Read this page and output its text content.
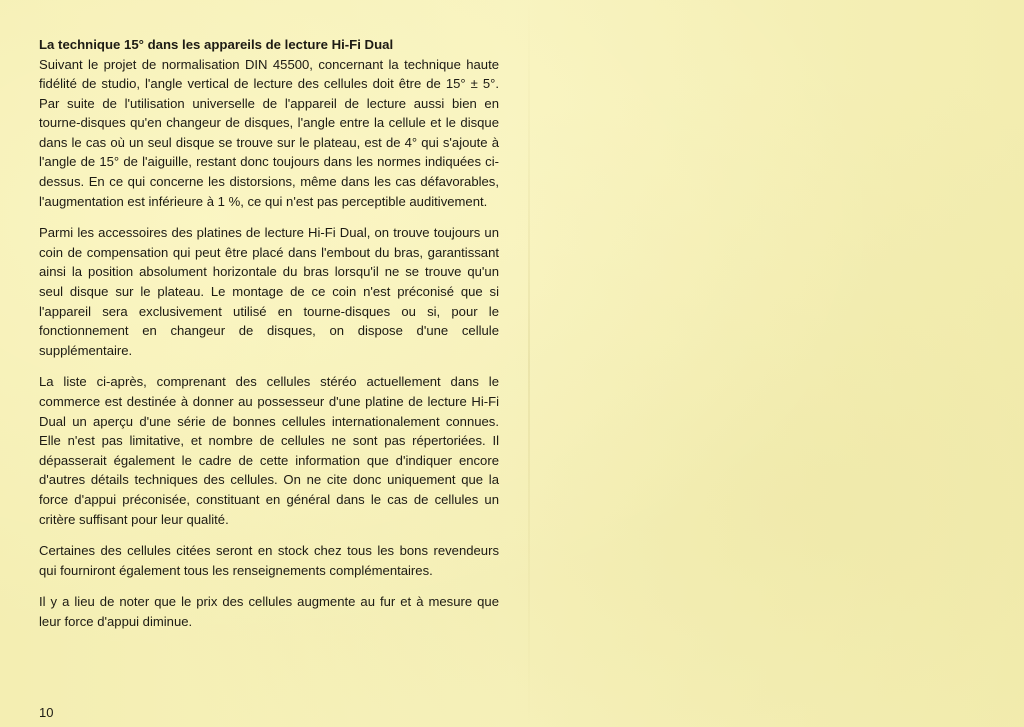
La technique 15° dans les appareils de lecture Hi-Fi Dual

Suivant le projet de normalisation DIN 45500, concernant la technique haute fidélité de studio, l'angle vertical de lecture des cellules doit être de 15° ± 5°. Par suite de l'utilisation universelle de l'appareil de lecture aussi bien en tourne-disques qu'en changeur de disques, l'angle entre la cellule et le disque dans le cas où un seul disque se trouve sur le plateau, est de 4° qui s'ajoute à l'angle de 15° de l'aiguille, restant donc toujours dans les normes indiquées ci-dessus. En ce qui concerne les distorsions, même dans les cas défavorables, l'augmentation est inférieure à 1 %, ce qui n'est pas perceptible auditivement.

Parmi les accessoires des platines de lecture Hi-Fi Dual, on trouve toujours un coin de compensation qui peut être placé dans l'embout du bras, garantissant ainsi la position absolument horizontale du bras lorsqu'il ne se trouve qu'un seul disque sur le plateau. Le montage de ce coin n'est préconisé que si l'appareil sera exclusivement utilisé en tourne-disques ou si, pour le fonctionnement en changeur de disques, on dispose d'une cellule supplémentaire.

La liste ci-après, comprenant des cellules stéréo actuellement dans le commerce est destinée à donner au possesseur d'une platine de lecture Hi-Fi Dual un aperçu d'une série de bonnes cellules internationalement connues. Elle n'est pas limitative, et nombre de cellules ne sont pas répertoriées. Il dépasserait également le cadre de cette information que d'indiquer encore d'autres détails techniques des cellules. On ne cite donc uniquement que la force d'appui préconisée, constituant en général dans le cas de cellules un critère suffisant pour leur qualité.

Certaines des cellules citées seront en stock chez tous les bons revendeurs qui fourniront également tous les renseignements complémentaires.

Il y a lieu de noter que le prix des cellules augmente au fur et à mesure que leur force d'appui diminue.

10
